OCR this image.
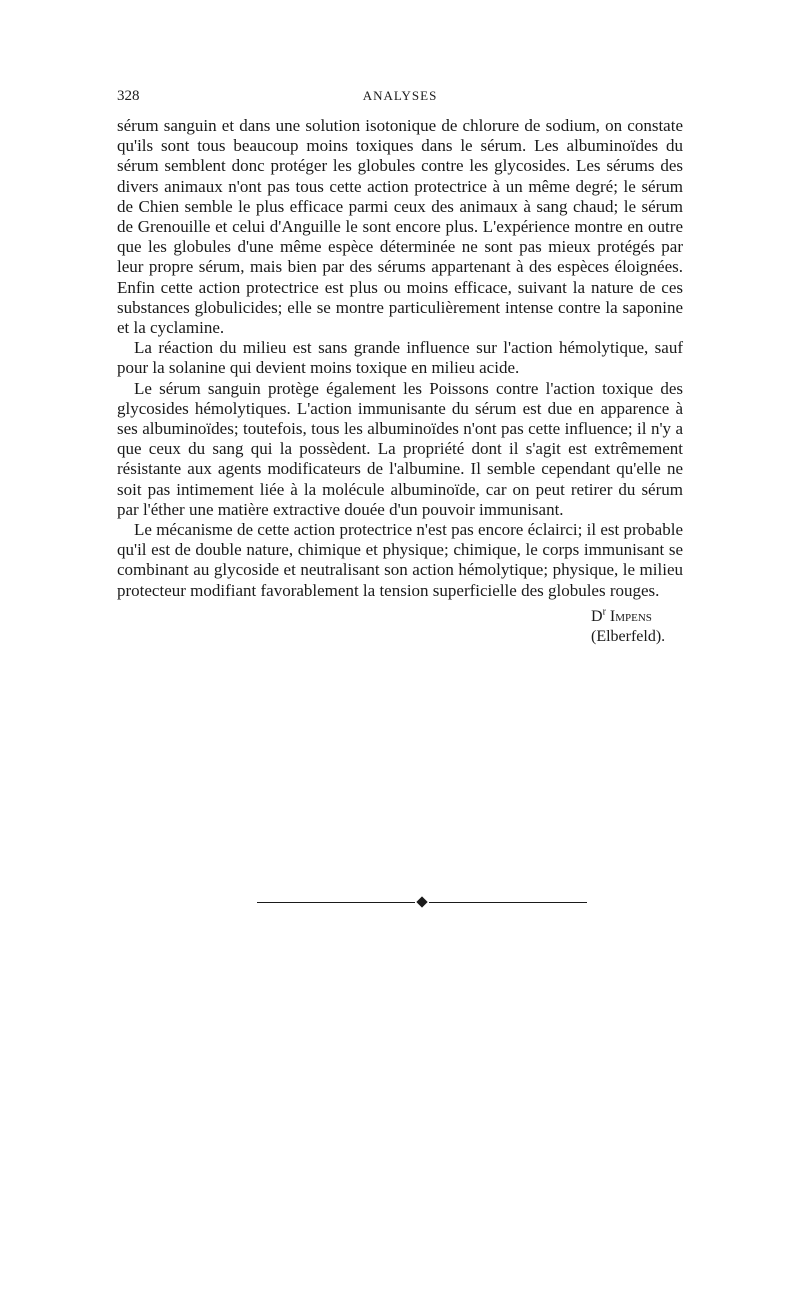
328	ANALYSES

sérum sanguin et dans une solution isotonique de chlorure de sodium, on constate qu'ils sont tous beaucoup moins toxiques dans le sérum. Les albuminoïdes du sérum semblent donc protéger les globules contre les glycosides. Les sérums des divers animaux n'ont pas tous cette action protectrice à un même degré; le sérum de Chien semble le plus efficace parmi ceux des animaux à sang chaud; le sérum de Grenouille et celui d'Anguille le sont encore plus. L'expérience montre en outre que les globules d'une même espèce déterminée ne sont pas mieux protégés par leur propre sérum, mais bien par des sérums appartenant à des espèces éloignées. Enfin cette action protectrice est plus ou moins efficace, suivant la nature de ces substances globulicides; elle se montre particulièrement intense contre la saponine et la cyclamine.

La réaction du milieu est sans grande influence sur l'action hémolytique, sauf pour la solanine qui devient moins toxique en milieu acide.

Le sérum sanguin protège également les Poissons contre l'action toxique des glycosides hémolytiques. L'action immunisante du sérum est due en apparence à ses albuminoïdes; toutefois, tous les albuminoïdes n'ont pas cette influence; il n'y a que ceux du sang qui la possèdent. La propriété dont il s'agit est extrêmement résistante aux agents modificateurs de l'albumine. Il semble cependant qu'elle ne soit pas intimement liée à la molécule albuminoïde, car on peut retirer du sérum par l'éther une matière extractive douée d'un pouvoir immunisant.

Le mécanisme de cette action protectrice n'est pas encore éclairci; il est probable qu'il est de double nature, chimique et physique; chimique, le corps immunisant se combinant au glycoside et neutralisant son action hémolytique; physique, le milieu protecteur modifiant favorablement la tension superficielle des globules rouges.

$D^r$ Impens
(Elberfeld).
